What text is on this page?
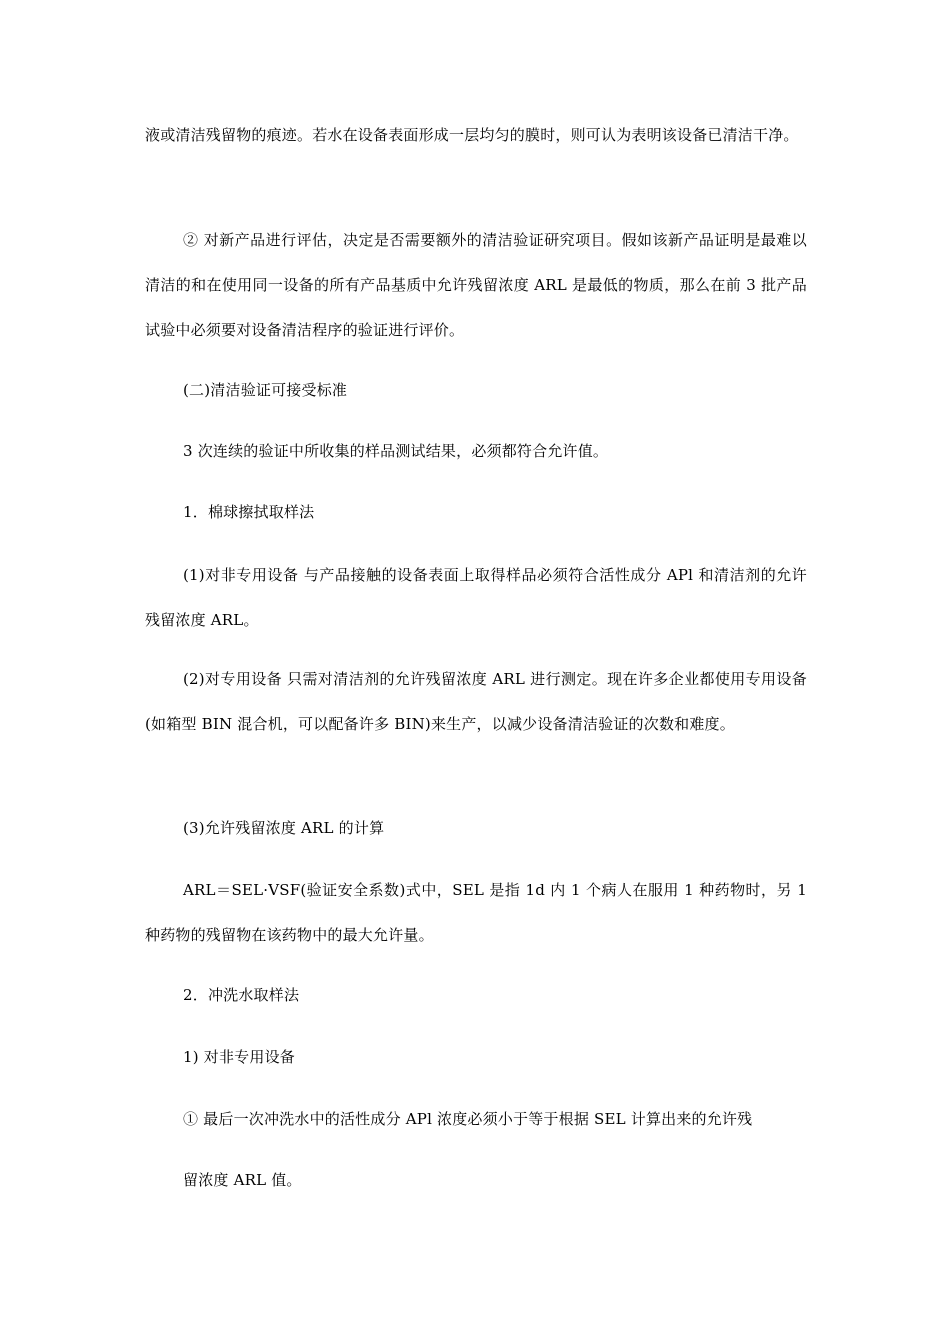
液或清洁残留物的痕迹。若水在设备表面形成一层均匀的膜时，则可认为表明该设备已清洁干净。

② 对新产品进行评估，决定是否需要额外的清洁验证研究项目。假如该新产品证明是最难以清洁的和在使用同一设备的所有产品基质中允许残留浓度 ARL 是最低的物质，那么在前 3 批产品试验中必须要对设备清洁程序的验证进行评价。

(二)清洁验证可接受标准

3 次连续的验证中所收集的样品测试结果，必须都符合允许值。

1．棉球擦拭取样法

(1)对非专用设备 与产品接触的设备表面上取得样品必须符合活性成分 APl 和清洁剂的允许残留浓度 ARL。

(2)对专用设备 只需对清洁剂的允许残留浓度 ARL 进行测定。现在许多企业都使用专用设备(如箱型 BIN 混合机，可以配备许多 BIN)来生产，以减少设备清洁验证的次数和难度。

(3)允许残留浓度 ARL 的计算

ARL＝SEL·VSF(验证安全系数)式中，SEL 是指 1d 内 1 个病人在服用 1 种药物时，另 1 种药物的残留物在该药物中的最大允许量。

2．冲洗水取样法

1) 对非专用设备

① 最后一次冲洗水中的活性成分 APl 浓度必须小于等于根据 SEL 计算出来的允许残

留浓度 ARL 值。
